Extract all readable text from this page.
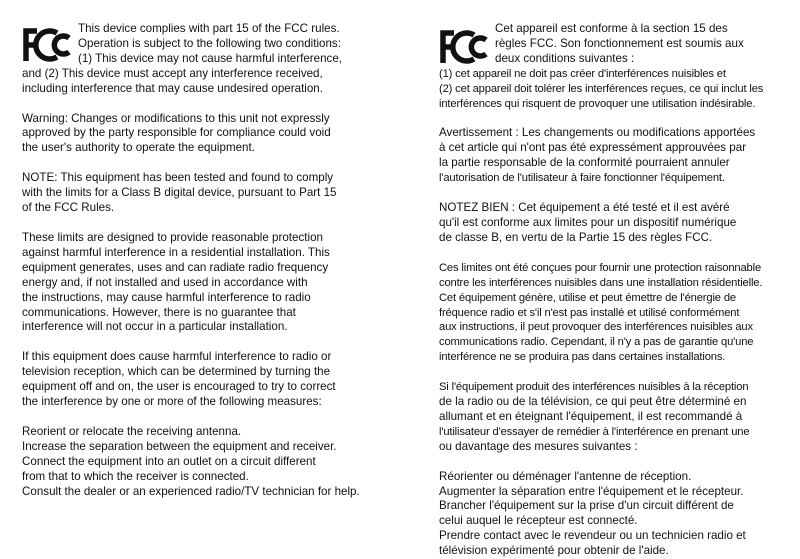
This device complies with part 15 of the FCC rules.

Operation is subject to the following two conditions:

(1) This device may not cause harmful interference,

and (2) This device must accept any interference received,

including interference that may cause undesired operation.

Warning: Changes or modifications to this unit not expressly

approved by the party responsible for compliance could void

the user's authority to operate the equipment.

NOTE: This equipment has been tested and found to comply

with the limits for a Class B digital device, pursuant to Part 15

of the FCC Rules.

These limits are designed to provide reasonable protection

against harmful interference in a residential installation. This

equipment generates, uses and can radiate radio frequency

energy and, if not installed and used in accordance with

the instructions, may cause harmful interference to radio

communications. However, there is no guarantee that

interference will not occur in a particular installation.

If this equipment does cause harmful interference to radio or

television reception, which can be determined by turning the

equipment off and on, the user is encouraged to try to correct

the interference by one or more of the following measures:

Reorient or relocate the receiving antenna.

Increase the separation between the equipment and receiver.

Connect the equipment into an outlet on a circuit different

from that to which the receiver is connected.

Consult the dealer or an experienced radio/TV technician for help.

Cet appareil est conforme à la section 15 des

règles FCC. Son fonctionnement est soumis aux

deux conditions suivantes :

(1) cet appareil ne doit pas créer d'interférences nuisibles et

(2) cet appareil doit tolérer les interférences reçues, ce qui inclut les

interférences qui risquent de provoquer une utilisation indésirable.

Avertissement : Les changements ou modifications apportées

à cet article qui n'ont pas été expressément approuvées par

la partie responsable de la conformité pourraient annuler

l'autorisation de l'utilisateur à faire fonctionner l'équipement.

NOTEZ BIEN : Cet équipement a été testé et il est avéré

qu'il est conforme aux limites pour un dispositif numérique

de classe B, en vertu de la Partie 15 des règles FCC.

Ces limites ont été conçues pour fournir une protection raisonnable

contre les interférences nuisibles dans une installation résidentielle.

Cet équipement génère, utilise et peut émettre de l'énergie de

fréquence radio et s'il n'est pas installé et utilisé conformément

aux instructions, il peut provoquer des interférences nuisibles aux

communications radio. Cependant, il n'y a pas de garantie qu'une

interférence ne se produira pas dans certaines installations.

Si l'équipement produit des interférences nuisibles à la réception

de la radio ou de la télévision, ce qui peut être déterminé en

allumant et en éteignant l'équipement, il est recommandé à

l'utilisateur d'essayer de remédier à l'interférence en prenant une

ou davantage des mesures suivantes :

Réorienter ou déménager l'antenne de réception.

Augmenter la séparation entre l'équipement et le récepteur.

Brancher l'équipement sur la prise d'un circuit différent de

celui auquel le récepteur est connecté.

Prendre contact avec le revendeur ou un technicien radio et

télévision expérimenté pour obtenir de l'aide.
